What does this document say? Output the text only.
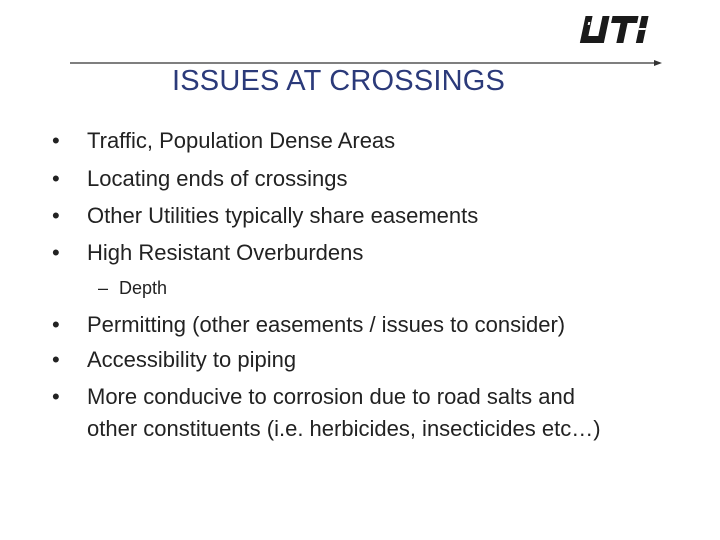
ISSUES AT CROSSINGS
• Traffic, Population Dense Areas
• Locating ends of crossings
• Other Utilities typically share easements
• High Resistant Overburdens
– Depth
• Permitting (other easements / issues to consider)
• Accessibility to piping
• More conducive to corrosion due to road salts and
other constituents (i.e. herbicides, insecticides etc…)
